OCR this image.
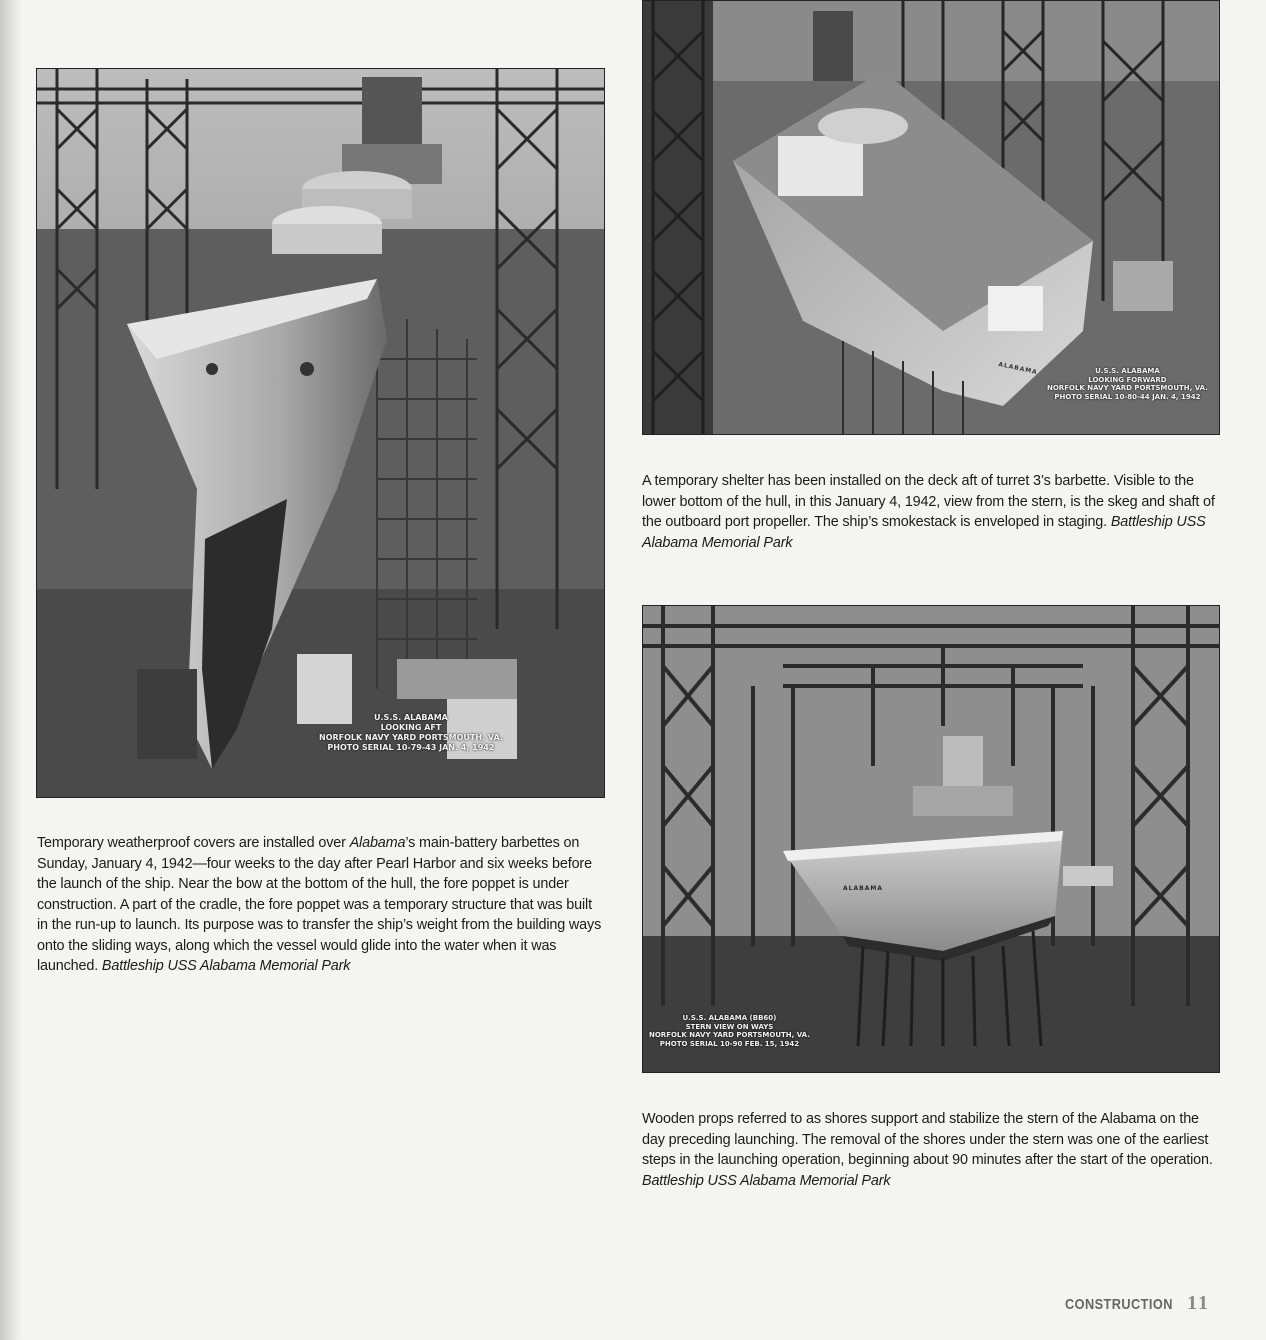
U.S.S. ALABAMA
LOOKING AFT
NORFOLK NAVY YARD PORTSMOUTH, VA.
PHOTO SERIAL 10-79-43 JAN. 4, 1942
ALABAMA	U.S.S. ALABAMA
LOOKING FORWARD
NORFOLK NAVY YARD PORTSMOUTH, VA.
PHOTO SERIAL 10-80-44 JAN. 4, 1942
ALABAMA
U.S.S. ALABAMA (BB60)
STERN VIEW ON WAYS
NORFOLK NAVY YARD PORTSMOUTH, VA.
PHOTO SERIAL 10-90 FEB. 15, 1942
Temporary weatherproof covers are installed over Alabama’s main-battery barbettes on Sunday, January 4, 1942—four weeks to the day after Pearl Harbor and six weeks before the launch of the ship. Near the bow at the bottom of the hull, the fore poppet is under construction. A part of the cradle, the fore poppet was a temporary structure that was built in the run-up to launch. Its purpose was to transfer the ship’s weight from the building ways onto the sliding ways, along which the vessel would glide into the water when it was launched. Battleship USS Alabama Memorial Park
A temporary shelter has been installed on the deck aft of turret 3’s barbette. Visible to the lower bottom of the hull, in this January 4, 1942, view from the stern, is the skeg and shaft of the outboard port propeller. The ship’s smokestack is enveloped in staging. Battleship USS Alabama Memorial Park
Wooden props referred to as shores support and stabilize the stern of the Alabama on the day preceding launching. The removal of the shores under the stern was one of the earliest steps in the launching operation, beginning about 90 minutes after the start of the operation. Battleship USS Alabama Memorial Park
CONSTRUCTION 11
